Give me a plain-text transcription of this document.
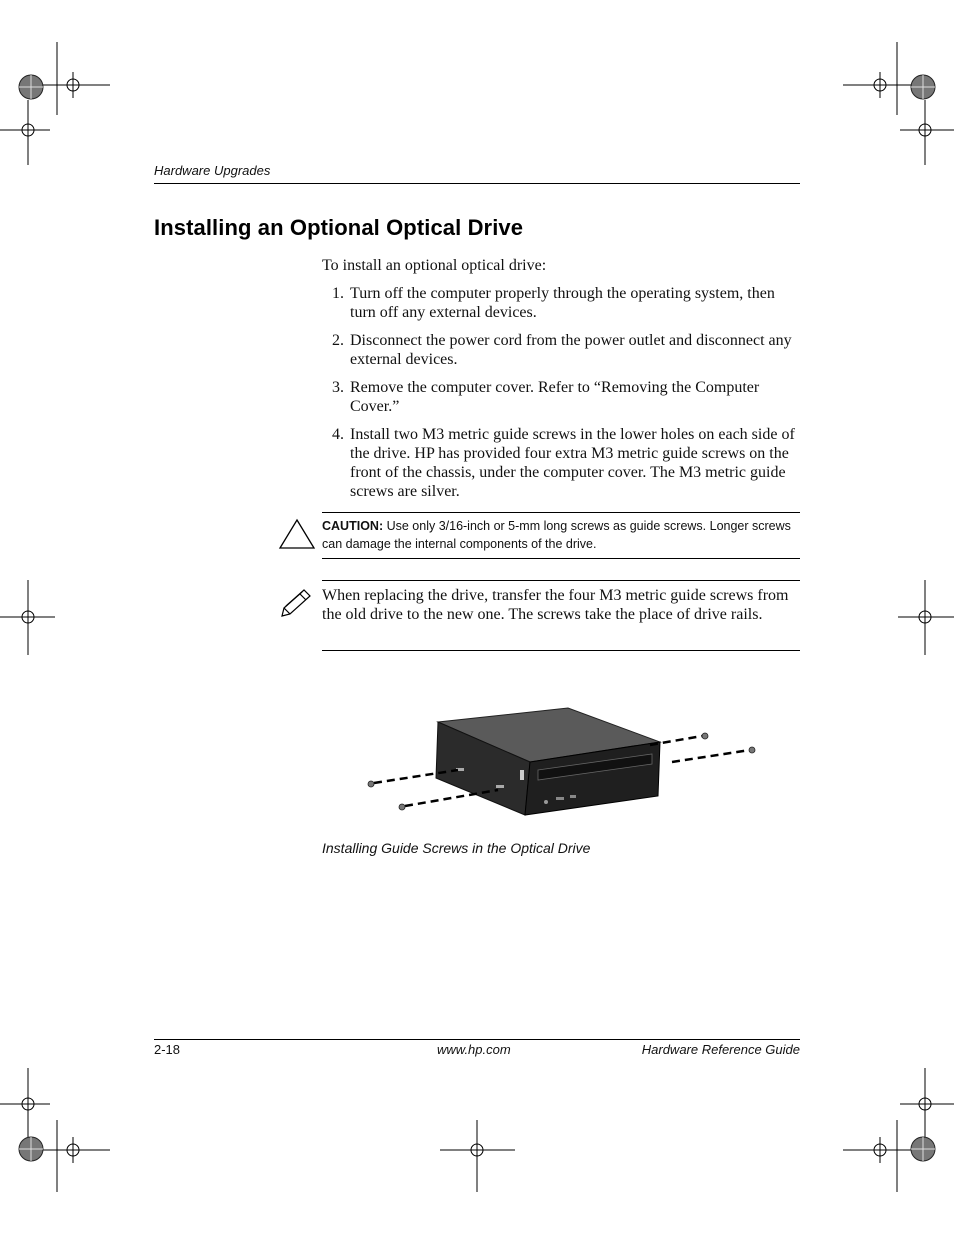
Hardware Upgrades
Installing an Optional Optical Drive
To install an optional optical drive:
1. Turn off the computer properly through the operating system, then turn off any external devices.
2. Disconnect the power cord from the power outlet and disconnect any external devices.
3. Remove the computer cover. Refer to “Removing the Computer Cover.”
4. Install two M3 metric guide screws in the lower holes on each side of the drive. HP has provided four extra M3 metric guide screws on the front of the chassis, under the computer cover. The M3 metric guide screws are silver.
CAUTION: Use only 3/16-inch or 5-mm long screws as guide screws. Longer screws can damage the internal components of the drive.
When replacing the drive, transfer the four M3 metric guide screws from the old drive to the new one. The screws take the place of drive rails.
Installing Guide Screws in the Optical Drive
2-18	www.hp.com	Hardware Reference Guide
